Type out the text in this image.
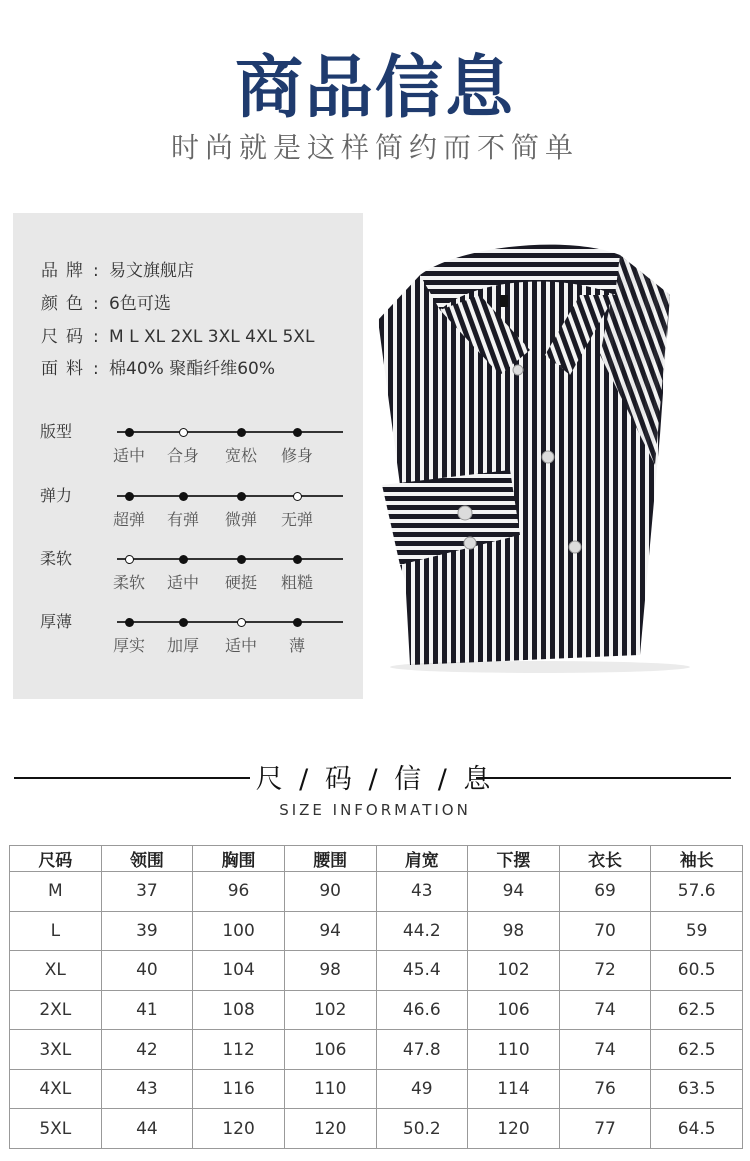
商品信息
时尚就是这样简约而不简单
品牌 : 易文旗舰店
颜色 : 6色可选
尺码 : M L XL 2XL 3XL 4XL 5XL
面料 : 棉40% 聚酯纤维60%
版型
适中	合身	宽松	修身
弹力
超弹	有弹	微弹	无弹
柔软
柔软	适中	硬挺	粗糙
厚薄
厚实	加厚	适中	薄
尺 / 码 / 信 / 息
SIZE INFORMATION
尺码	领围	胸围	腰围	肩宽	下摆	衣长	袖长
M	37	96	90	43	94	69	57.6
L	39	100	94	44.2	98	70	59
XL	40	104	98	45.4	102	72	60.5
2XL	41	108	102	46.6	106	74	62.5
3XL	42	112	106	47.8	110	74	62.5
4XL	43	116	110	49	114	76	63.5
5XL	44	120	120	50.2	120	77	64.5
